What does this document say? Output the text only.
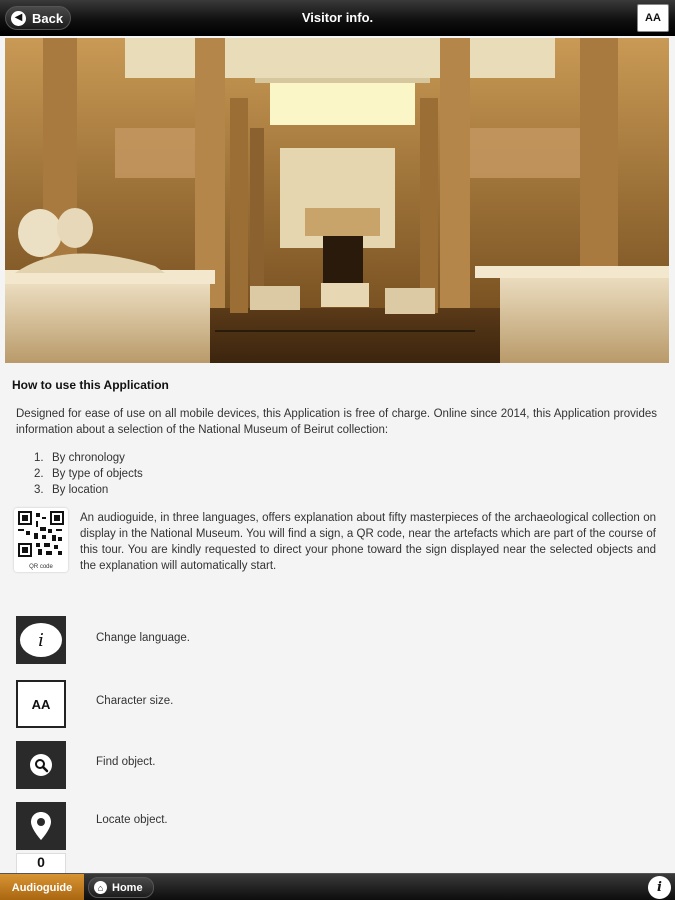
◀ Back	Visitor info.	AA
How to use this Application

Designed for ease of use on all mobile devices, this Application is free of charge. Online since 2014, this Application provides information about a selection of the National Museum of Beirut collection:

1. By chronology
2. By type of objects
3. By location
QR code

An audioguide, in three languages, offers explanation about fifty masterpieces of the archaeological collection on display in the National Museum. You will find a sign, a QR code, near the artefacts which are part of the course of this tour. You are kindly requested to direct your phone toward the sign displayed near the selected objects and the explanation will automatically start.

i	Change language.
AA	Character size.
Find object.
Locate object.
0
Audioguide	⌂ Home	i
